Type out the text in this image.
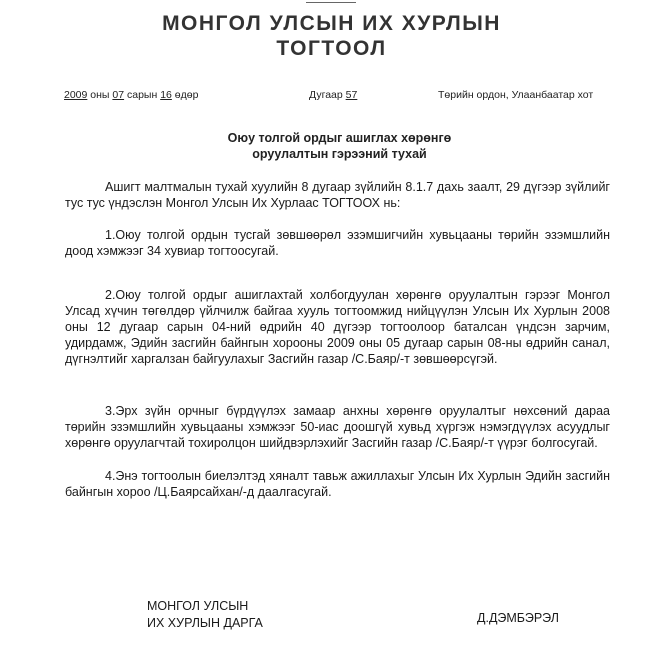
МОНГОЛ УЛСЫН ИХ ХУРЛЫН
ТОГТООЛ
2009 оны 07 сарын 16 өдөр	Дугаар 57	Төрийн ордон, Улаанбаатар хот
Оюу толгой ордыг ашиглах хөрөнгө
оруулалтын гэрээний тухай

Ашигт малтмалын тухай хуулийн 8 дугаар зүйлийн 8.1.7 дахь заалт, 29 дүгээр зүйлийг тус тус үндэслэн Монгол Улсын Их Хурлаас ТОГТООХ нь:

1.Оюу толгой ордын тусгай зөвшөөрөл эзэмшигчийн хувьцааны төрийн эзэмшлийн доод хэмжээг 34 хувиар тогтоосугай.

2.Оюу толгой ордыг ашиглахтай холбогдуулан хөрөнгө оруулалтын гэрээг Монгол Улсад хүчин төгөлдөр үйлчилж байгаа хууль тогтоомжид нийцүүлэн Улсын Их Хурлын 2008 оны 12 дугаар сарын 04-ний өдрийн 40 дүгээр тогтоолоор баталсан үндсэн зарчим, удирдамж, Эдийн засгийн байнгын хорооны 2009 оны 05 дугаар сарын 08-ны өдрийн санал, дүгнэлтийг харгалзан байгуулахыг Засгийн газар /С.Баяр/-т зөвшөөрсүгэй.

3.Эрх зүйн орчныг бүрдүүлэх замаар анхны хөрөнгө оруулалтыг нөхсөний дараа төрийн эзэмшлийн хувьцааны хэмжээг 50-иас доошгүй хувьд хүргэж нэмэгдүүлэх асуудлыг хөрөнгө оруулагчтай тохиролцон шийдвэрлэхийг Засгийн газар /С.Баяр/-т үүрэг болгосугай.

4.Энэ тогтоолын биелэлтэд хяналт тавьж ажиллахыг Улсын Их Хурлын Эдийн засгийн байнгын хороо /Ц.Баярсайхан/-д даалгасугай.

МОНГОЛ УЛСЫН
ИХ ХУРЛЫН ДАРГА	Д.ДЭМБЭРЭЛ
